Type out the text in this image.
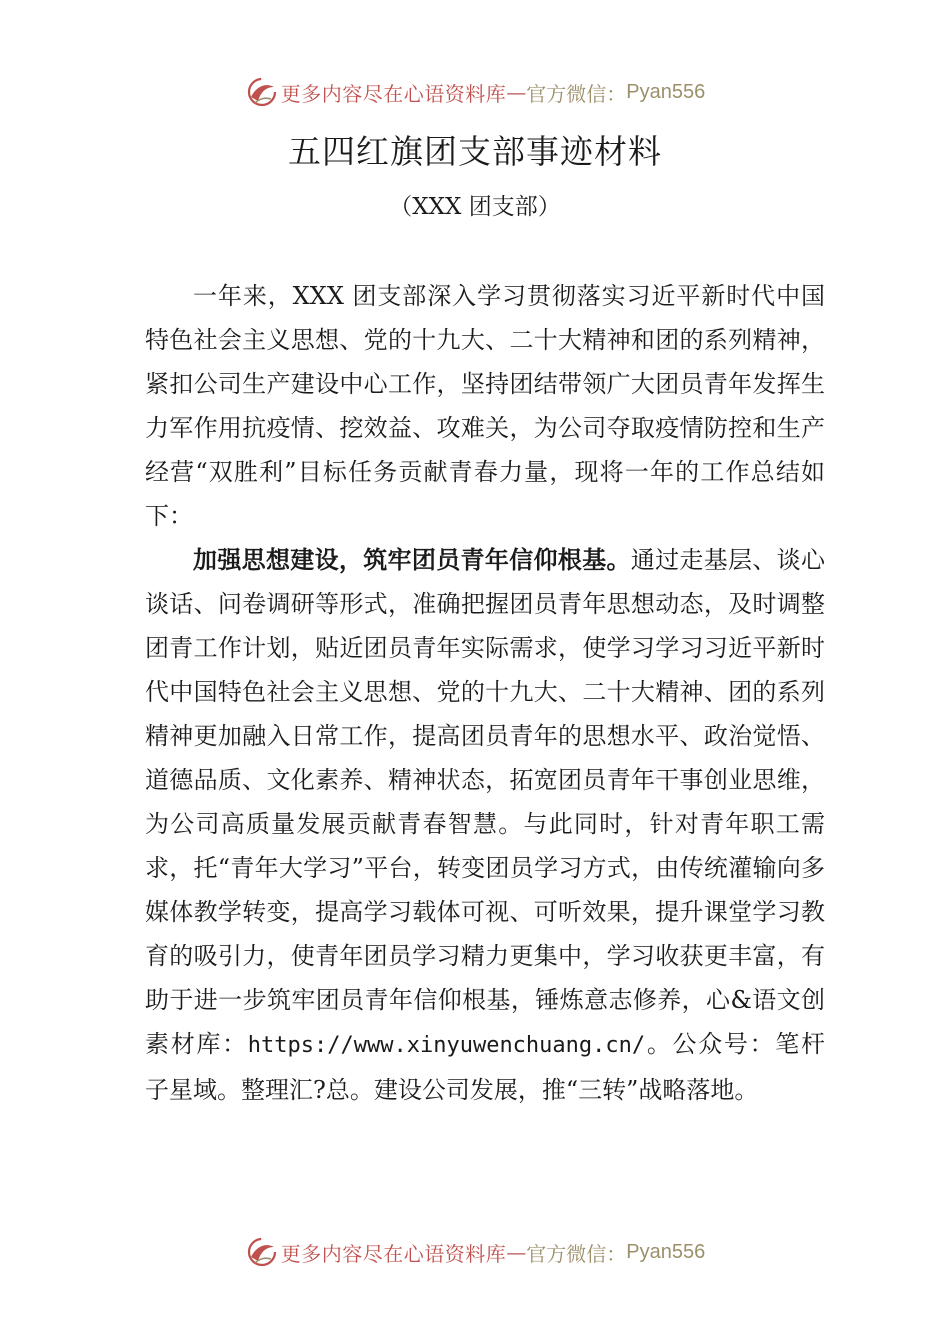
更多内容尽在心语资料库 — 官方微信： Pyan556
五四红旗团支部事迹材料
（XXX 团支部）

一年来，XXX 团支部深入学习贯彻落实习近平新时代中国特色社会主义思想、党的十九大、二十大精神和团的系列精神，紧扣公司生产建设中心工作，坚持团结带领广大团员青年发挥生力军作用抗疫情、挖效益、攻难关，为公司夺取疫情防控和生产经营“双胜利”目标任务贡献青春力量，现将一年的工作总结如下：

加强思想建设，筑牢团员青年信仰根基。通过走基层、谈心谈话、问卷调研等形式，准确把握团员青年思想动态，及时调整团青工作计划，贴近团员青年实际需求，使学习学习习近平新时代中国特色社会主义思想、党的十九大、二十大精神、团的系列精神更加融入日常工作，提高团员青年的思想水平、政治觉悟、道德品质、文化素养、精神状态，拓宽团员青年干事创业思维，为公司高质量发展贡献青春智慧。与此同时，针对青年职工需求，托“青年大学习”平台，转变团员学习方式，由传统灌输向多媒体教学转变，提高学习载体可视、可听效果，提升课堂学习教育的吸引力，使青年团员学习精力更集中，学习收获更丰富，有助于进一步筑牢团员青年信仰根基，锤炼意志修养，心&语文创素材库：https://www.xinyuwenchuang.cn/。公众号：笔杆子星域。整理汇?总。建设公司发展，推“三转”战略落地。

更多内容尽在心语资料库 — 官方微信： Pyan556
